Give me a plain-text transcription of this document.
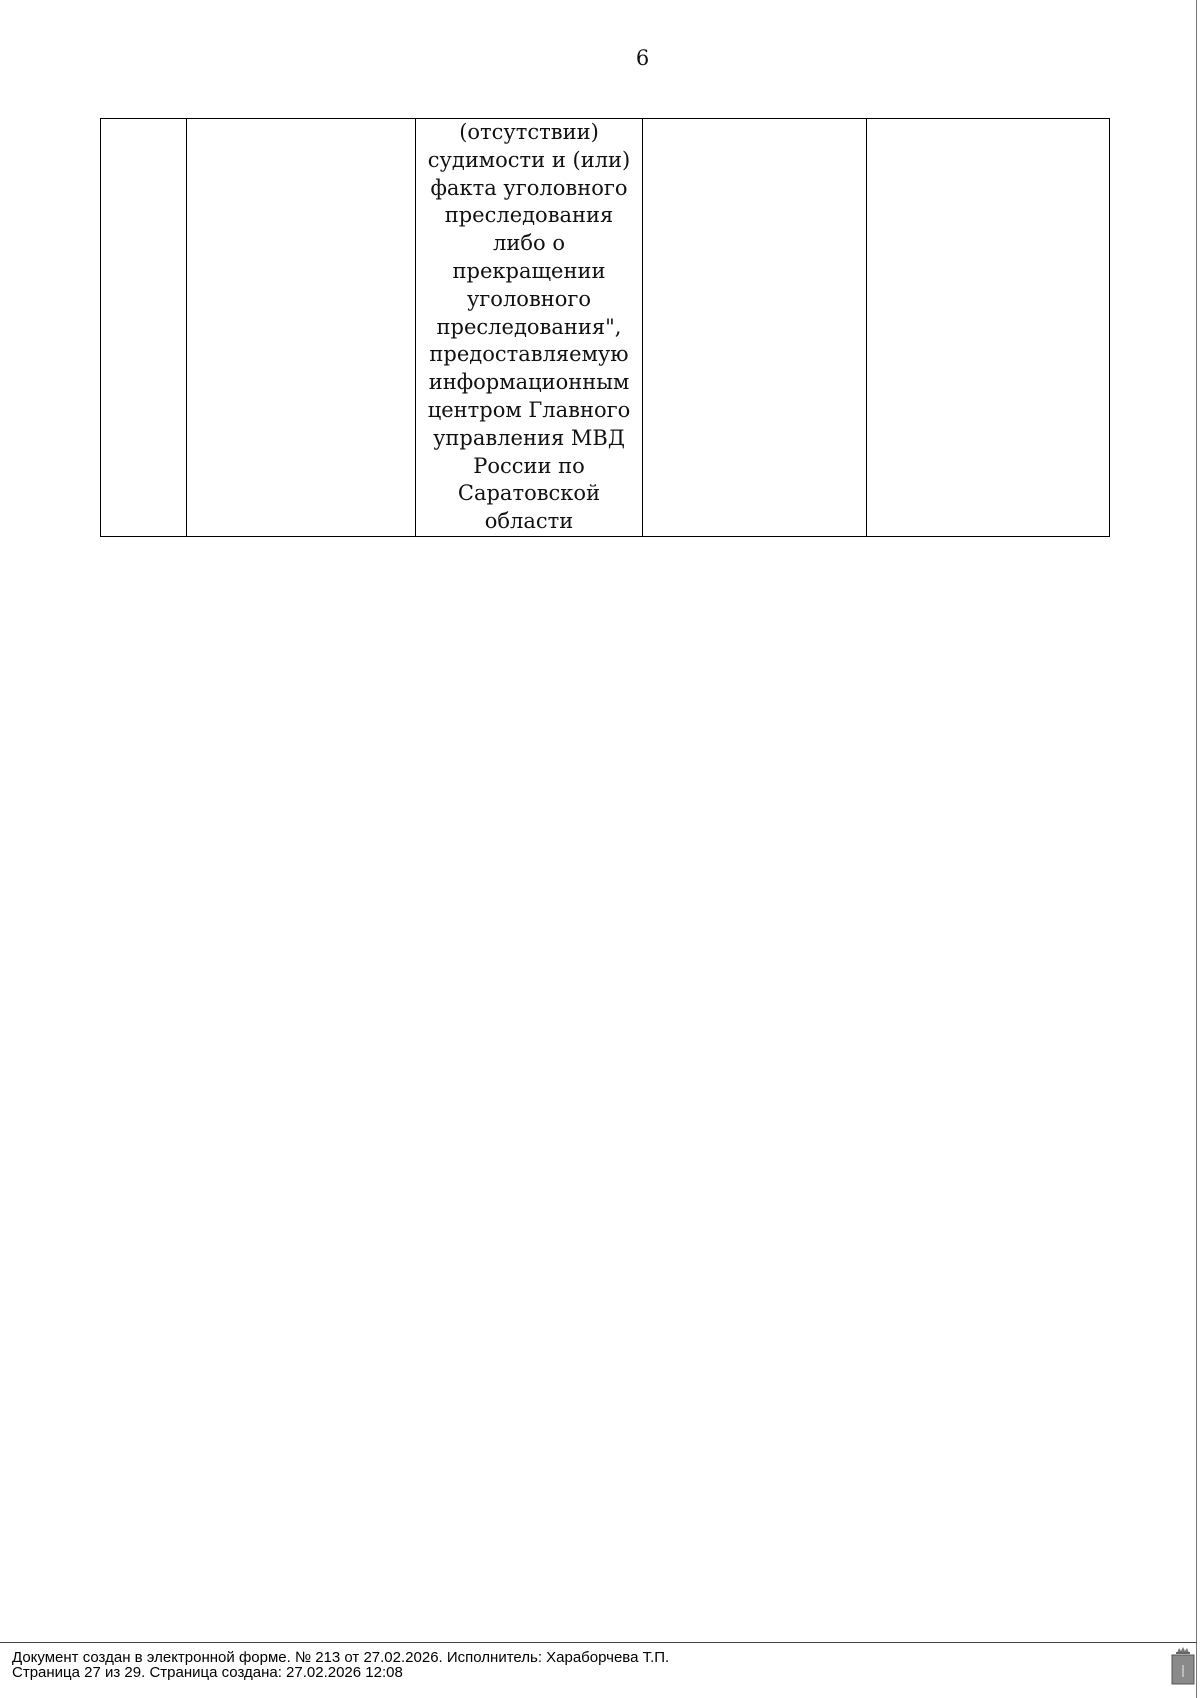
6

(отсутствии)
судимости и (или)
факта уголовного
преследования
либо о
прекращении
уголовного
преследования",
предоставляемую
информационным
центром Главного
управления МВД
России по
Саратовской
области

Документ создан в электронной форме. № 213 от 27.02.2026. Исполнитель: Хараборчева Т.П.
Страница 27 из 29. Страница создана: 27.02.2026 12:08
